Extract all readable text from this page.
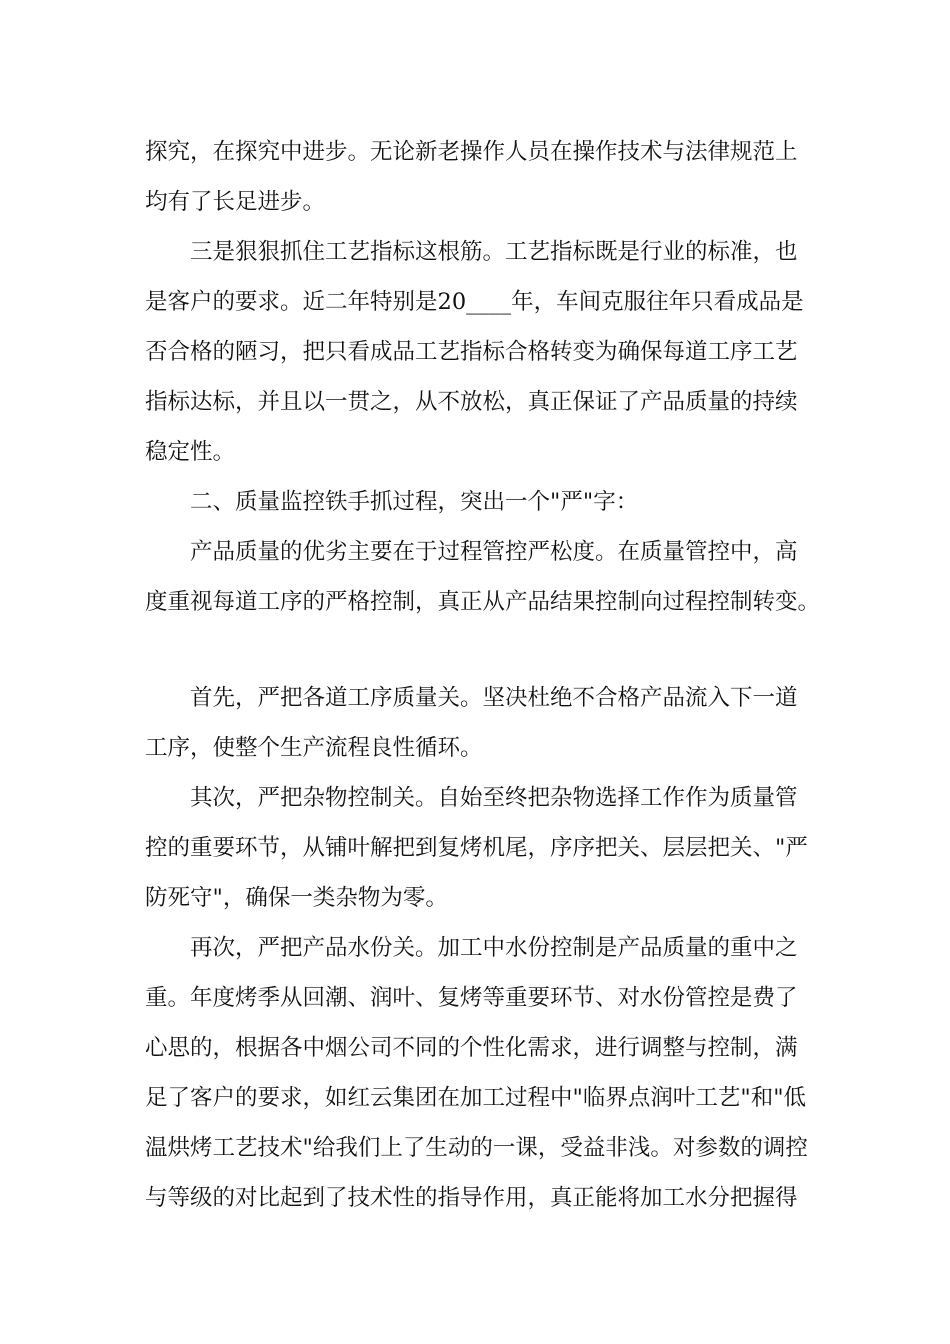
探究，在探究中进步。无论新老操作人员在操作技术与法律规范上

均有了长足进步。

三是狠狠抓住工艺指标这根筋。工艺指标既是行业的标准，也

是客户的要求。近二年特别是20____年，车间克服往年只看成品是

否合格的陋习，把只看成品工艺指标合格转变为确保每道工序工艺

指标达标，并且以一贯之，从不放松，真正保证了产品质量的持续

稳定性。

二、质量监控铁手抓过程，突出一个"严"字：

产品质量的优劣主要在于过程管控严松度。在质量管控中，高

度重视每道工序的严格控制，真正从产品结果控制向过程控制转变。

首先，严把各道工序质量关。坚决杜绝不合格产品流入下一道

工序，使整个生产流程良性循环。

其次，严把杂物控制关。自始至终把杂物选择工作作为质量管

控的重要环节，从铺叶解把到复烤机尾，序序把关、层层把关、"严

防死守"，确保一类杂物为零。

再次，严把产品水份关。加工中水份控制是产品质量的重中之

重。年度烤季从回潮、润叶、复烤等重要环节、对水份管控是费了

心思的，根据各中烟公司不同的个性化需求，进行调整与控制，满

足了客户的要求，如红云集团在加工过程中"临界点润叶工艺"和"低

温烘烤工艺技术"给我们上了生动的一课，受益非浅。对参数的调控

与等级的对比起到了技术性的指导作用，真正能将加工水分把握得
